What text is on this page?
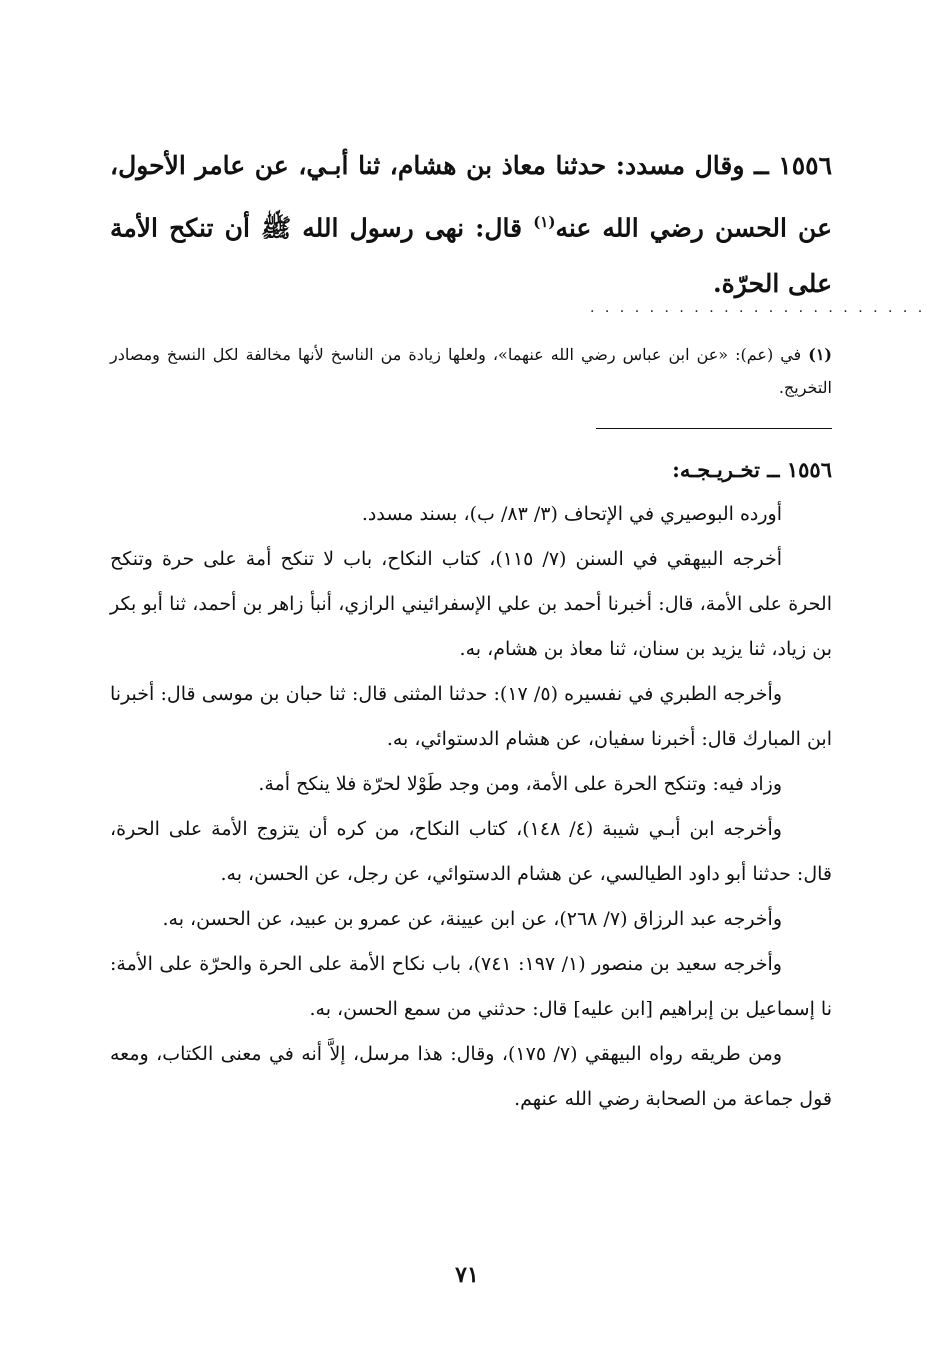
١٥٥٦ ــ وقال مسدد: حدثنا معاذ بن هشام، ثنا أبـي، عن عامر الأحول، عن الحسن رضي الله عنه$^{(١)}$ قال: نهى رسول الله ﷺ أن تنكح الأمة على الحرّة.
. . . . . . . . . . . . . . . . . . . . . . .
(١) في (عم): «عن ابن عباس رضي الله عنهما»، ولعلها زيادة من الناسخ لأنها مخالفة لكل النسخ ومصادر التخريج.
١٥٥٦ ــ تخـريـجـه:

أورده البوصيري في الإتحاف (٣/ ٨٣/ ب)، بسند مسدد.

أخرجه البيهقي في السنن (٧/ ١١٥)، كتاب النكاح، باب لا تنكح أمة على حرة وتنكح الحرة على الأمة، قال: أخبرنا أحمد بن علي الإسفرائيني الرازي، أنبأ زاهر بن أحمد، ثنا أبو بكر بن زياد، ثنا يزيد بن سنان، ثنا معاذ بن هشام، به.

وأخرجه الطبري في نفسيره (٥/ ١٧): حدثنا المثنى قال: ثنا حبان بن موسى قال: أخبرنا ابن المبارك قال: أخبرنا سفيان، عن هشام الدستوائي، به.

وزاد فيه: وتنكح الحرة على الأمة، ومن وجد طَوْلا لحرّة فلا ينكح أمة.

وأخرجه ابن أبـي شيبة (٤/ ١٤٨)، كتاب النكاح، من كره أن يتزوج الأمة على الحرة، قال: حدثنا أبو داود الطيالسي، عن هشام الدستوائي، عن رجل، عن الحسن، به.

وأخرجه عبد الرزاق (٧/ ٢٦٨)، عن ابن عيينة، عن عمرو بن عبيد، عن الحسن، به.

وأخرجه سعيد بن منصور (١/ ١٩٧: ٧٤١)، باب نكاح الأمة على الحرة والحرّة على الأمة: نا إسماعيل بن إبراهيم [ابن عليه] قال: حدثني من سمع الحسن، به.

ومن طريقه رواه البيهقي (٧/ ١٧٥)، وقال: هذا مرسل، إلاَّ أنه في معنى الكتاب، ومعه قول جماعة من الصحابة رضي الله عنهم.

٧١
